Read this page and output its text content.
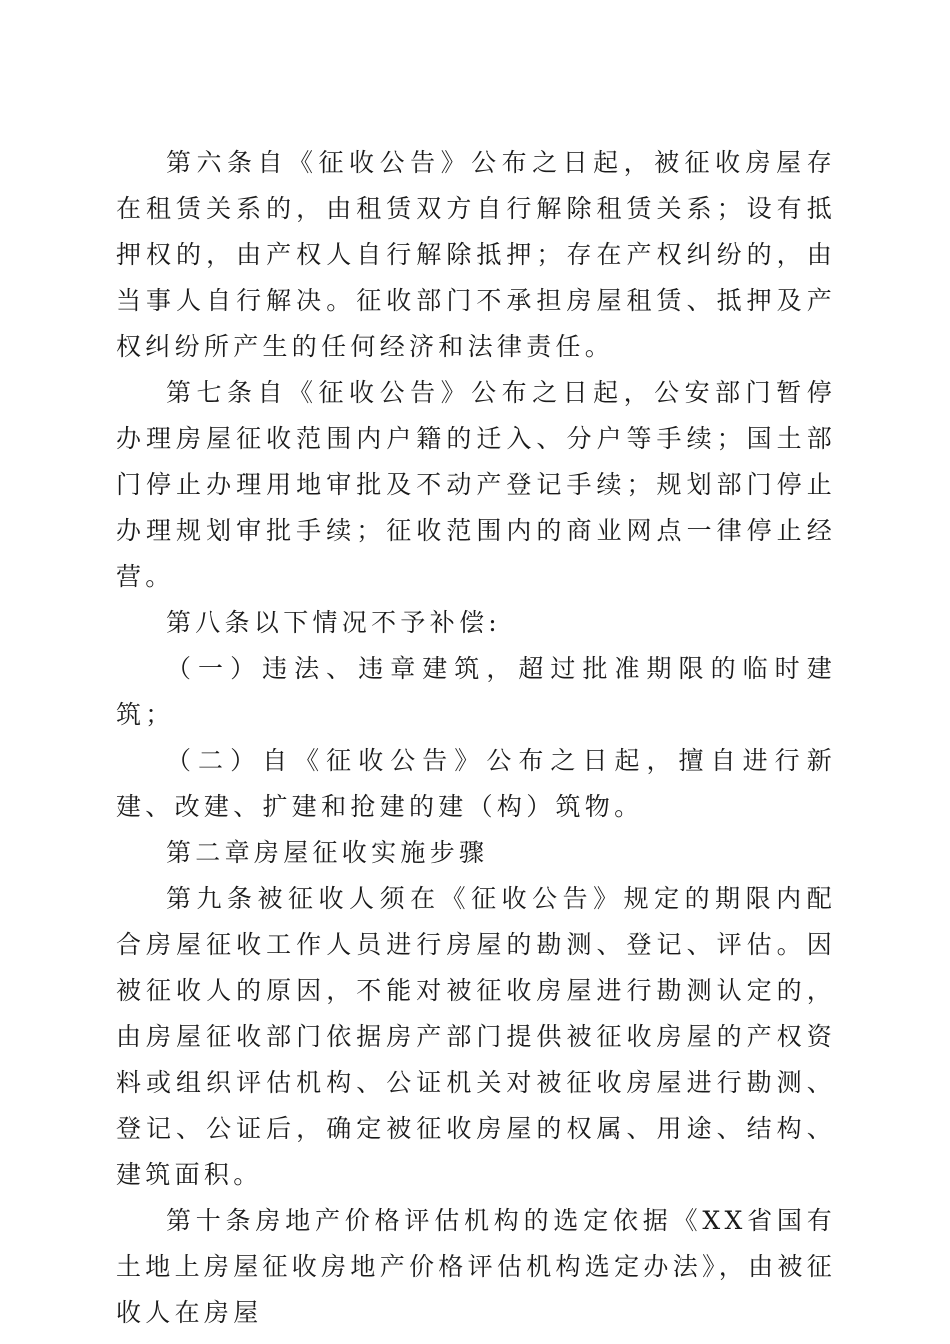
第六条自《征收公告》公布之日起，被征收房屋存在租赁关系的，由租赁双方自行解除租赁关系；设有抵押权的，由产权人自行解除抵押；存在产权纠纷的，由当事人自行解决。征收部门不承担房屋租赁、抵押及产权纠纷所产生的任何经济和法律责任。

第七条自《征收公告》公布之日起，公安部门暂停办理房屋征收范围内户籍的迁入、分户等手续；国土部门停止办理用地审批及不动产登记手续；规划部门停止办理规划审批手续；征收范围内的商业网点一律停止经营。

第八条以下情况不予补偿:

（一）违法、违章建筑，超过批准期限的临时建筑；

（二）自《征收公告》公布之日起，擅自进行新建、改建、扩建和抢建的建（构）筑物。

第二章房屋征收实施步骤

第九条被征收人须在《征收公告》规定的期限内配合房屋征收工作人员进行房屋的勘测、登记、评估。因被征收人的原因，不能对被征收房屋进行勘测认定的，由房屋征收部门依据房产部门提供被征收房屋的产权资料或组织评估机构、公证机关对被征收房屋进行勘测、登记、公证后，确定被征收房屋的权属、用途、结构、建筑面积。

第十条房地产价格评估机构的选定依据《XX省国有土地上房屋征收房地产价格评估机构选定办法》，由被征收人在房屋
